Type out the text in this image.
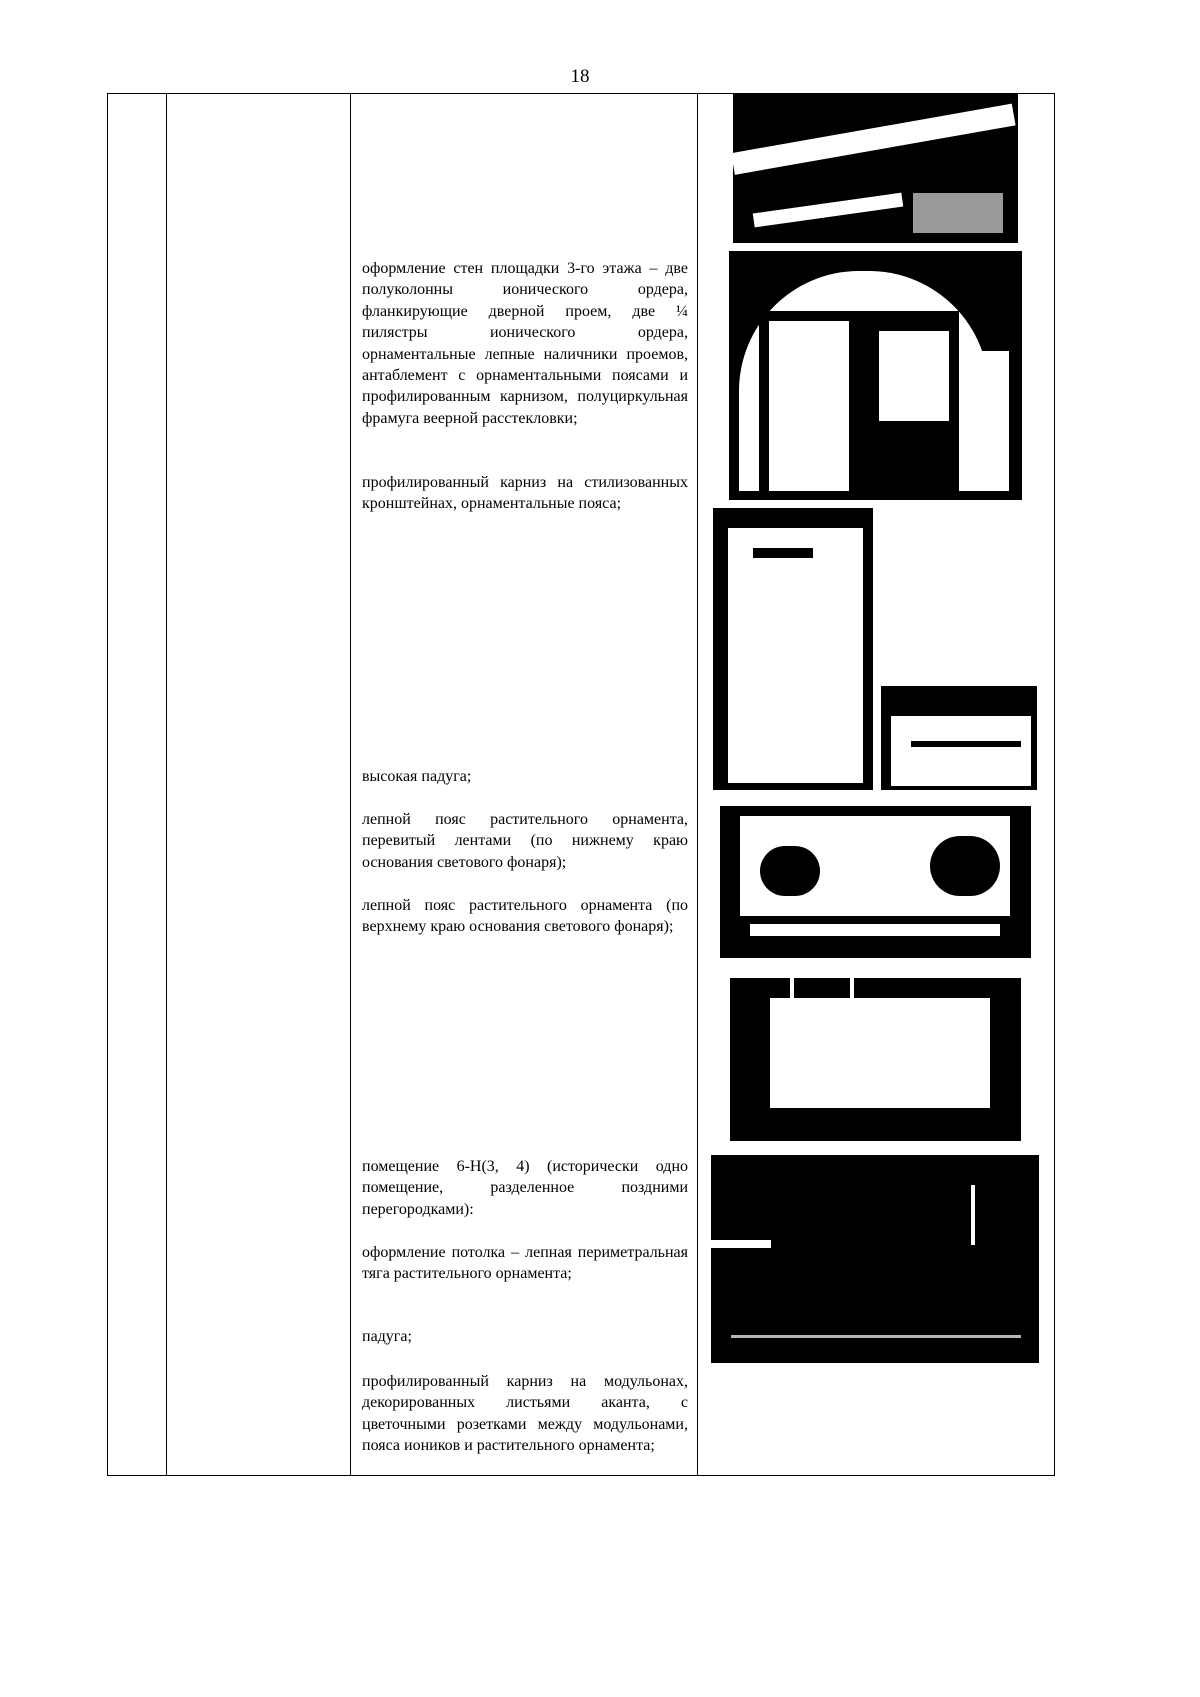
18
оформление стен площадки 3-го этажа – две полуколонны ионического ордера, фланкирующие дверной проем, две ¼ пилястры ионического ордера, орнаментальные лепные наличники проемов, антаблемент с орнаментальными поясами и профилированным карнизом, полуциркульная фрамуга веерной расстекловки;
профилированный карниз на стилизованных кронштейнах, орнаментальные пояса;
высокая падуга;
лепной пояс растительного орнамента, перевитый лентами (по нижнему краю основания светового фонаря);
лепной пояс растительного орнамента (по верхнему краю основания светового фонаря);
помещение 6-Н(3, 4) (исторически одно помещение, разделенное поздними перегородками):
оформление потолка – лепная периметральная тяга растительного орнамента;
падуга;
профилированный карниз на модульонах, декорированных листьями аканта, с цветочными розетками между модульонами, пояса иоников и растительного орнамента;
